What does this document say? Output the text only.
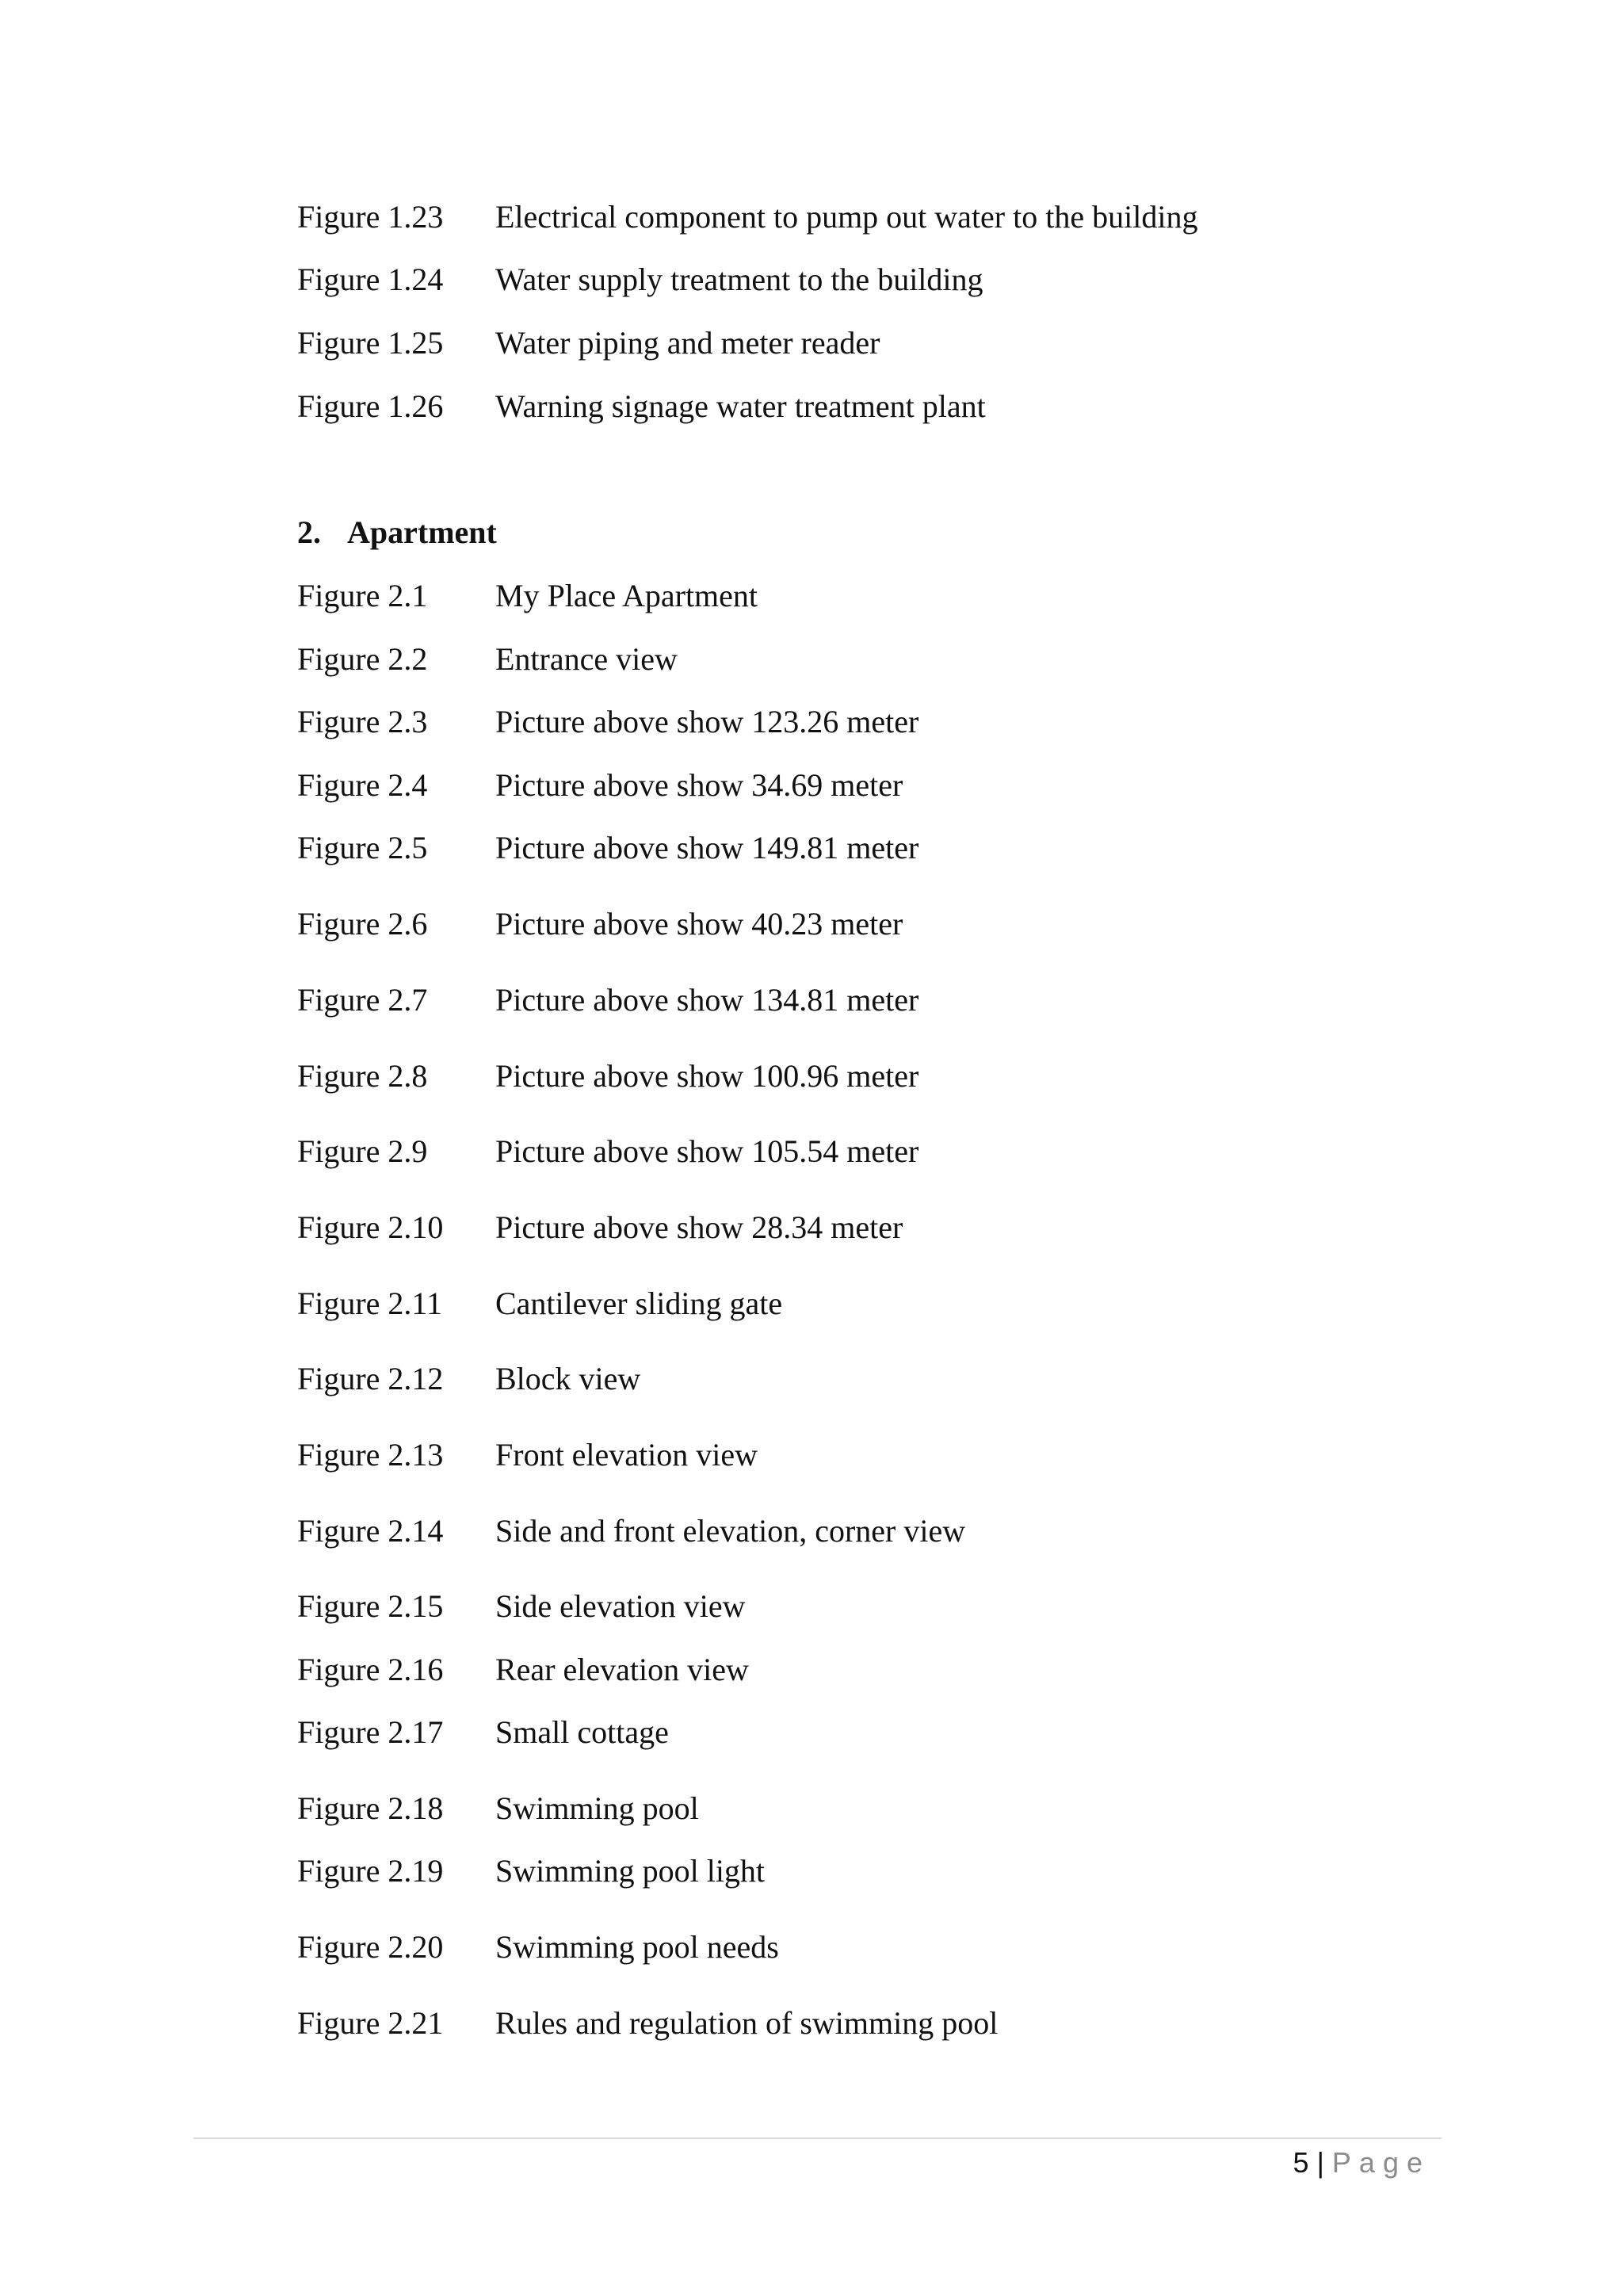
Figure 1.23 Electrical component to pump out water to the building
Figure 1.24 Water supply treatment to the building
Figure 1.25 Water piping and meter reader
Figure 1.26 Warning signage water treatment plant
2. Apartment
Figure 2.1 My Place Apartment
Figure 2.2 Entrance view
Figure 2.3 Picture above show 123.26 meter
Figure 2.4 Picture above show 34.69 meter
Figure 2.5 Picture above show 149.81 meter
Figure 2.6 Picture above show 40.23 meter
Figure 2.7 Picture above show 134.81 meter
Figure 2.8 Picture above show 100.96 meter
Figure 2.9 Picture above show 105.54 meter
Figure 2.10 Picture above show 28.34 meter
Figure 2.11 Cantilever sliding gate
Figure 2.12 Block view
Figure 2.13 Front elevation view
Figure 2.14 Side and front elevation, corner view
Figure 2.15 Side elevation view
Figure 2.16 Rear elevation view
Figure 2.17 Small cottage
Figure 2.18 Swimming pool
Figure 2.19 Swimming pool light
Figure 2.20 Swimming pool needs
Figure 2.21 Rules and regulation of swimming pool
5 | Page
